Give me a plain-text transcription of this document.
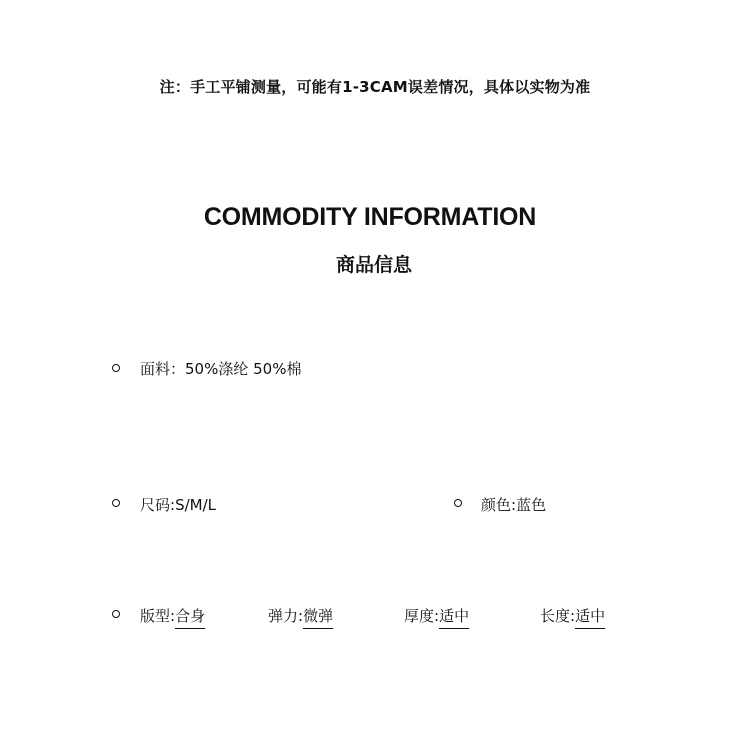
注：手工平铺测量，可能有1-3CAM误差情况，具体以实物为准
COMMODITY INFORMATION
商品信息
面料：50%涤纶 50%棉
尺码:S/M/L	颜色:蓝色
版型:合身	弹力:微弹	厚度:适中	长度:适中
